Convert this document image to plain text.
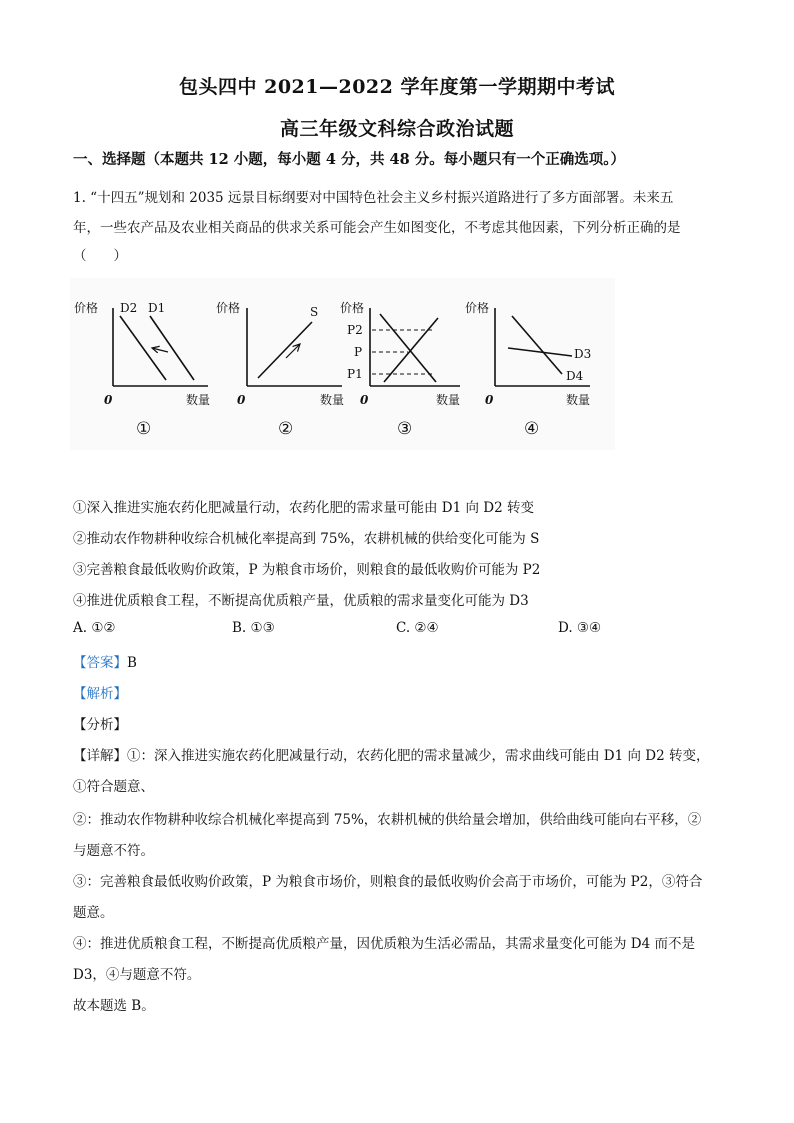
包头四中 2021—2022 学年度第一学期期中考试
高三年级文科综合政治试题
一、选择题（本题共 12 小题，每小题 4 分，共 48 分。每小题只有一个正确选项。）
1. “十四五”规划和 2035 远景目标纲要对中国特色社会主义乡村振兴道路进行了多方面部署。未来五
年，一些农产品及农业相关商品的供求关系可能会产生如图变化，不考虑其他因素，下列分析正确的是
（　　）
价格
数量
0
D2 D1
①
价格
数量
0
S
②
价格
数量
0
P2
P
P1
③
价格
数量
0
D3
D4
④
①深入推进实施农药化肥减量行动，农药化肥的需求量可能由 D1 向 D2 转变
②推动农作物耕种收综合机械化率提高到 75%，农耕机械的供给变化可能为 S
③完善粮食最低收购价政策，P 为粮食市场价，则粮食的最低收购价可能为 P2
④推进优质粮食工程，不断提高优质粮产量，优质粮的需求量变化可能为 D3
A. ①②	B. ①③	C. ②④	D. ③④
【答案】B
【解析】
【分析】
【详解】①：深入推进实施农药化肥减量行动，农药化肥的需求量减少，需求曲线可能由 D1 向 D2 转变，
①符合题意、
②：推动农作物耕种收综合机械化率提高到 75%，农耕机械的供给量会增加，供给曲线可能向右平移，②
与题意不符。
③：完善粮食最低收购价政策，P 为粮食市场价，则粮食的最低收购价会高于市场价，可能为 P2，③符合
题意。
④：推进优质粮食工程，不断提高优质粮产量，因优质粮为生活必需品，其需求量变化可能为 D4 而不是
D3，④与题意不符。
故本题选 B。
